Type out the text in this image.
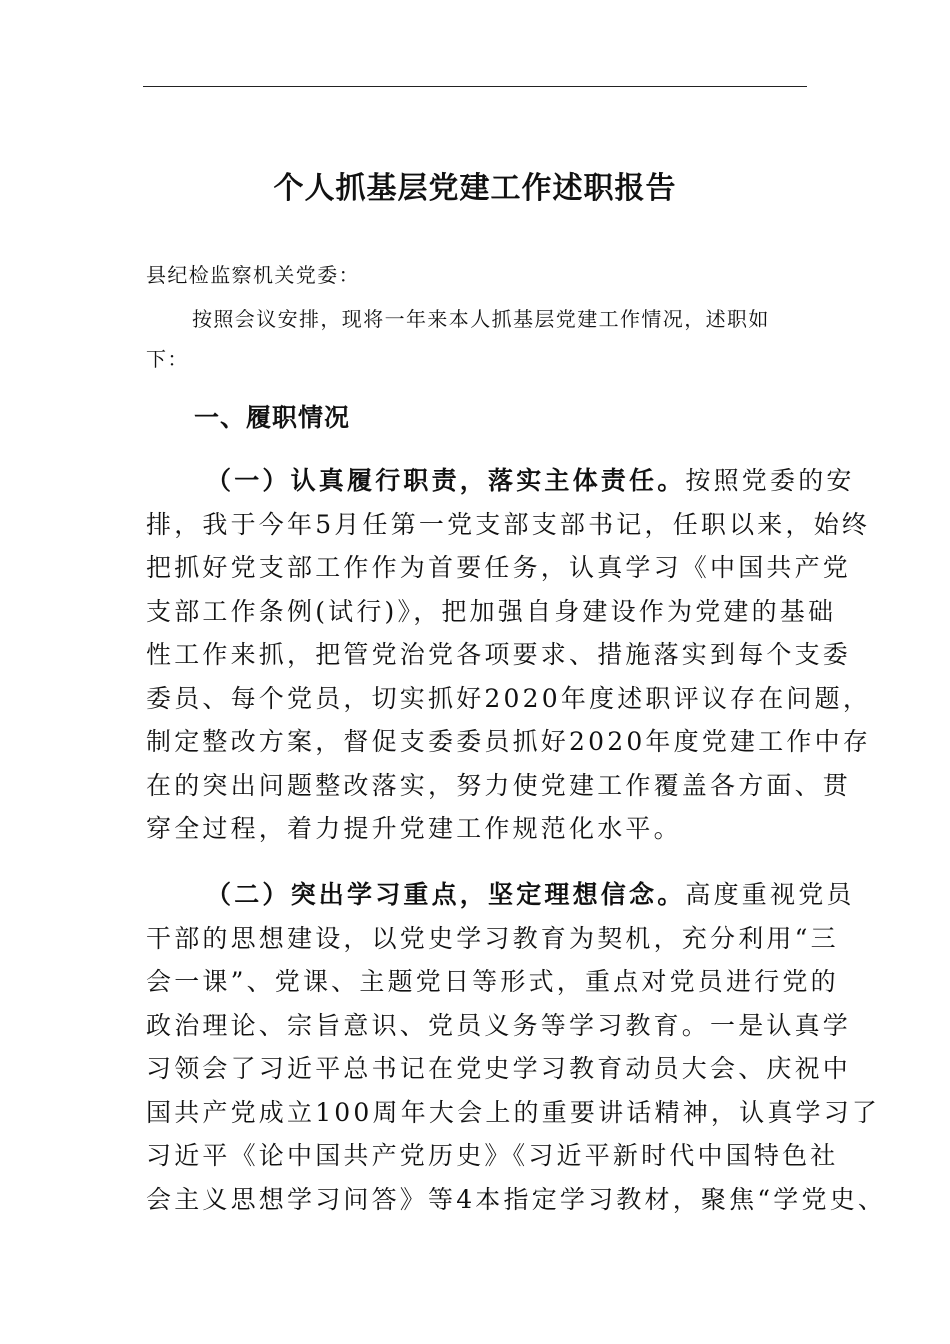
个人抓基层党建工作述职报告
县纪检监察机关党委：
按照会议安排，现将一年来本人抓基层党建工作情况，述职如
下：
一、履职情况
（一）认真履行职责，落实主体责任。按照党委的安
排，我于今年5月任第一党支部支部书记，任职以来，始终
把抓好党支部工作作为首要任务，认真学习《中国共产党
支部工作条例(试行)》，把加强自身建设作为党建的基础
性工作来抓，把管党治党各项要求、措施落实到每个支委
委员、每个党员，切实抓好2020年度述职评议存在问题，
制定整改方案，督促支委委员抓好2020年度党建工作中存
在的突出问题整改落实，努力使党建工作覆盖各方面、贯
穿全过程，着力提升党建工作规范化水平。
（二）突出学习重点，坚定理想信念。高度重视党员
干部的思想建设，以党史学习教育为契机，充分利用“三
会一课”、党课、主题党日等形式，重点对党员进行党的
政治理论、宗旨意识、党员义务等学习教育。一是认真学
习领会了习近平总书记在党史学习教育动员大会、庆祝中
国共产党成立100周年大会上的重要讲话精神，认真学习了
习近平《论中国共产党历史》《习近平新时代中国特色社
会主义思想学习问答》等4本指定学习教材，聚焦“学党史、
